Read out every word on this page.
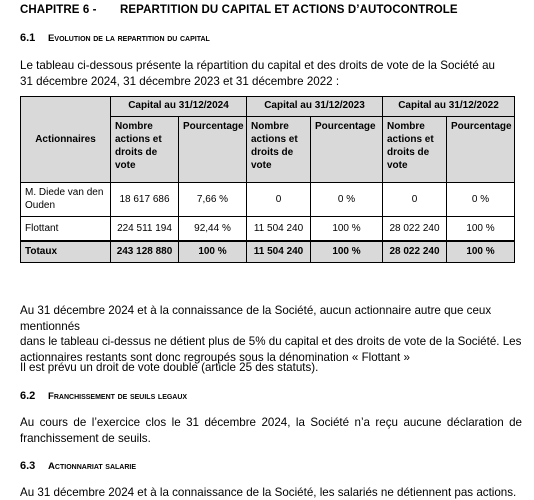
CHAPITRE 6 - REPARTITION DU CAPITAL ET ACTIONS D’AUTOCONTROLE
6.1 Evolution de la repartition du capital
Le tableau ci-dessous présente la répartition du capital et des droits de vote de la Société au
31 décembre 2024, 31 décembre 2023 et 31 décembre 2022 :
Actionnaires	Capital au 31/12/2024		Capital au 31/12/2023		Capital au 31/12/2022	
	Nombre actions et droits de vote	Pourcentage	Nombre actions et droits de vote	Pourcentage	Nombre actions et droits de vote	Pourcentage
M. Diede van den Ouden	18 617 686	7,66 %	0	0 %	0	0 %
Flottant	224 511 194	92,44 %	11 504 240	100 %	28 022 240	100 %
Totaux	243 128 880	100 %	11 504 240	100 %	28 022 240	100 %
Au 31 décembre 2024 et à la connaissance de la Société, aucun actionnaire autre que ceux mentionnés
dans le tableau ci-dessus ne détient plus de 5% du capital et des droits de vote de la Société. Les
actionnaires restants sont donc regroupés sous la dénomination « Flottant »
Il est prévu un droit de vote double (article 25 des statuts).
6.2 Franchissement de seuils legaux
Au cours de l’exercice clos le 31 décembre 2024, la Société n’a reçu aucune déclaration de franchissement de seuils.
6.3 Actionnariat salarie
Au 31 décembre 2024 et à la connaissance de la Société, les salariés ne détiennent pas actions.
